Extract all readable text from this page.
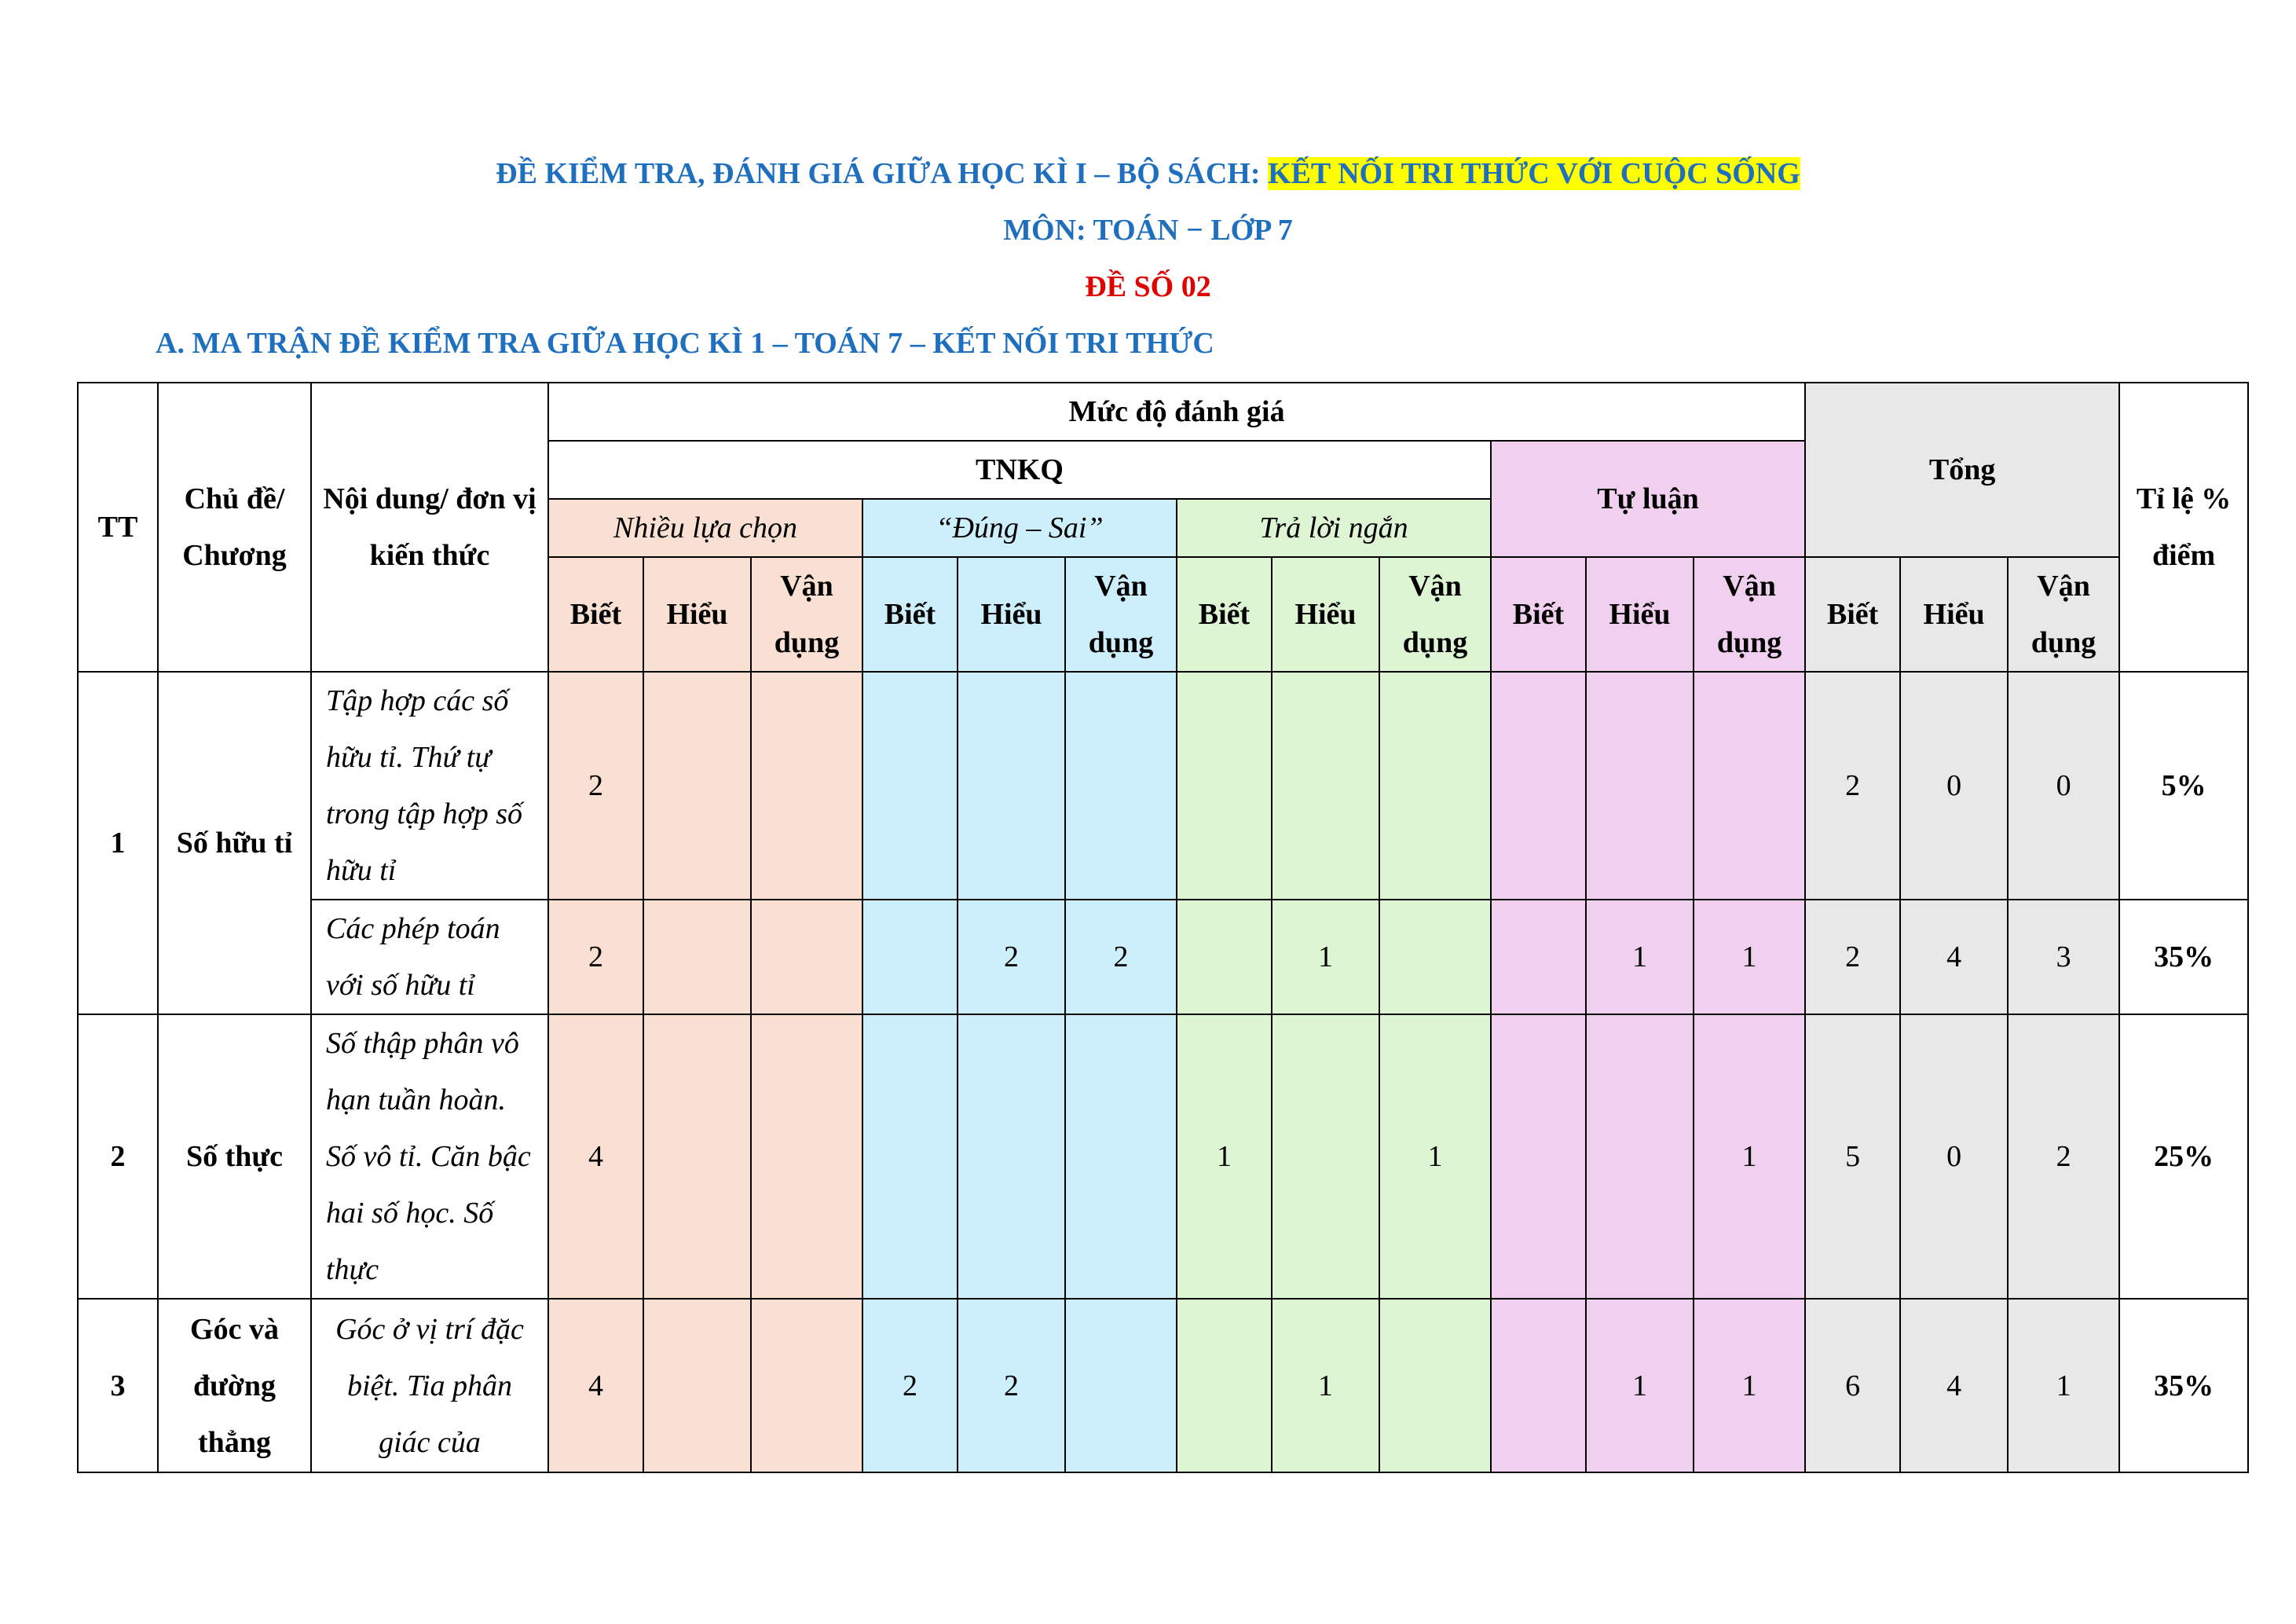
ĐỀ KIỂM TRA, ĐÁNH GIÁ GIỮA HỌC KÌ I – BỘ SÁCH: KẾT NỐI TRI THỨC VỚI CUỘC SỐNG
MÔN: TOÁN − LỚP 7
ĐỀ SỐ 02
A. MA TRẬN ĐỀ KIỂM TRA GIỮA HỌC KÌ 1 – TOÁN 7 – KẾT NỐI TRI THỨC
TT	Chủ đề/ Chương	Nội dung/ đơn vị kiến thức	Mức độ đánh giá												Tổng			Tỉ lệ % điểm
			TNKQ									Tự luận						
			Nhiều lựa chọn			“Đúng – Sai”			Trả lời ngắn									
			Biết	Hiểu	Vận dụng	Biết	Hiểu	Vận dụng	Biết	Hiểu	Vận dụng	Biết	Hiểu	Vận dụng	Biết	Hiểu	Vận dụng	
1	Số hữu tỉ	Tập hợp các số hữu tỉ. Thứ tự trong tập hợp số hữu tỉ	2												2	0	0	5%
		Các phép toán với số hữu tỉ	2				2	2		1			1	1	2	4	3	35%
2	Số thực	Số thập phân vô hạn tuần hoàn. Số vô tỉ. Căn bậc hai số học. Số thực	4						1		1			1	5	0	2	25%
3	Góc và đường thẳng	Góc ở vị trí đặc biệt. Tia phân giác của	4			2	2			1			1	1	6	4	1	35%
